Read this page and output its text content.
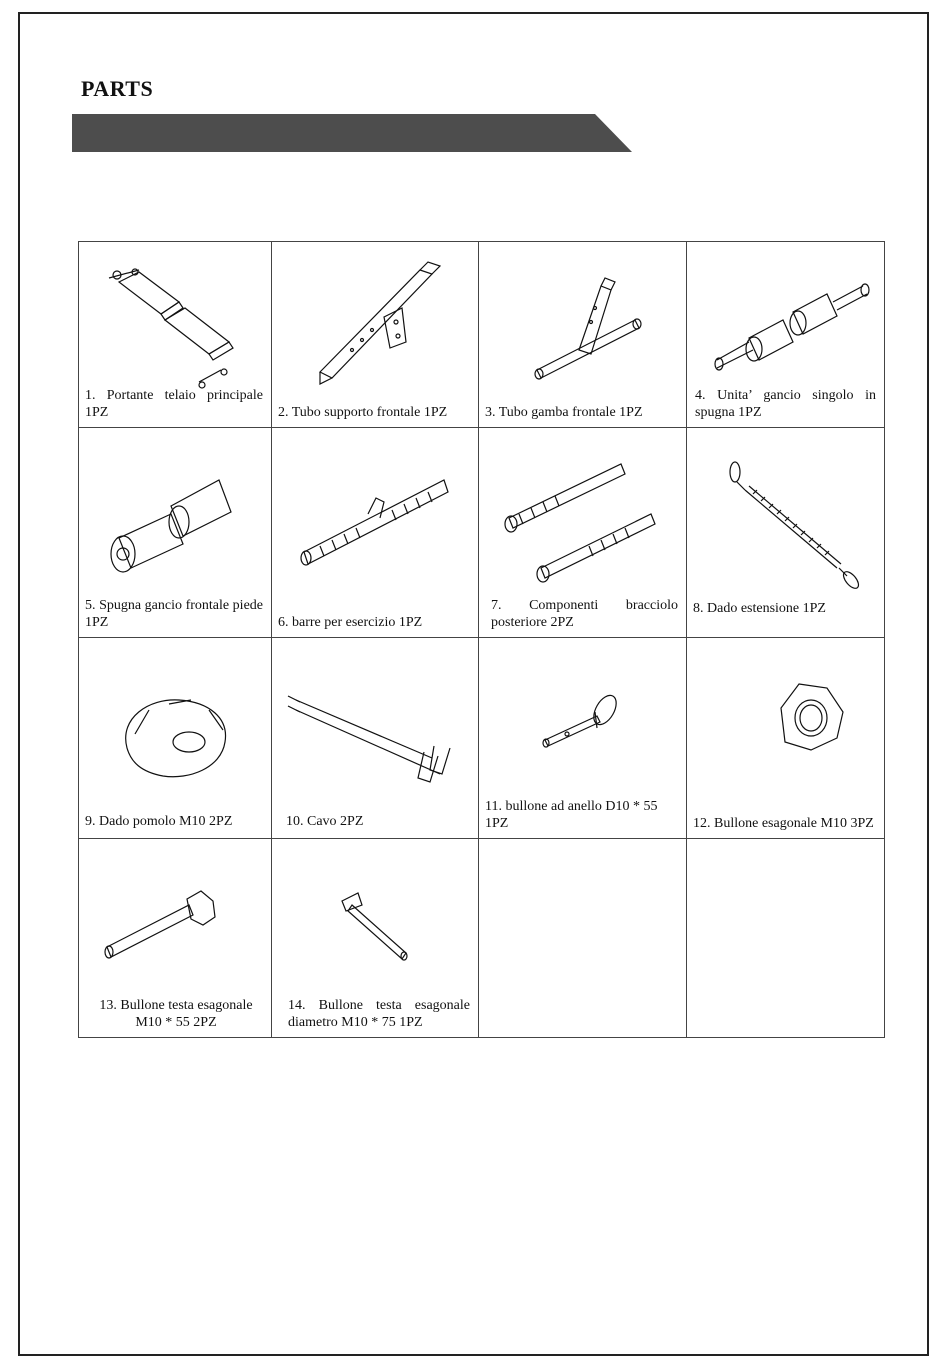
PARTS
1. Portante telaio principale 1PZ	2. Tubo supporto frontale 1PZ	3. Tubo gamba frontale 1PZ	4. Unita’ gancio singolo in spugna 1PZ

5. Spugna gancio frontale piede 1PZ	6. barre per esercizio 1PZ	7. Componenti bracciolo posteriore 2PZ	8. Dado estensione 1PZ

9. Dado pomolo M10 2PZ	10. Cavo 2PZ	11. bullone ad anello D10 * 55 1PZ	12. Bullone esagonale M10 3PZ

13. Bullone testa esagonale M10 * 55 2PZ	14. Bullone testa esagonale diametro M10 * 75 1PZ		
